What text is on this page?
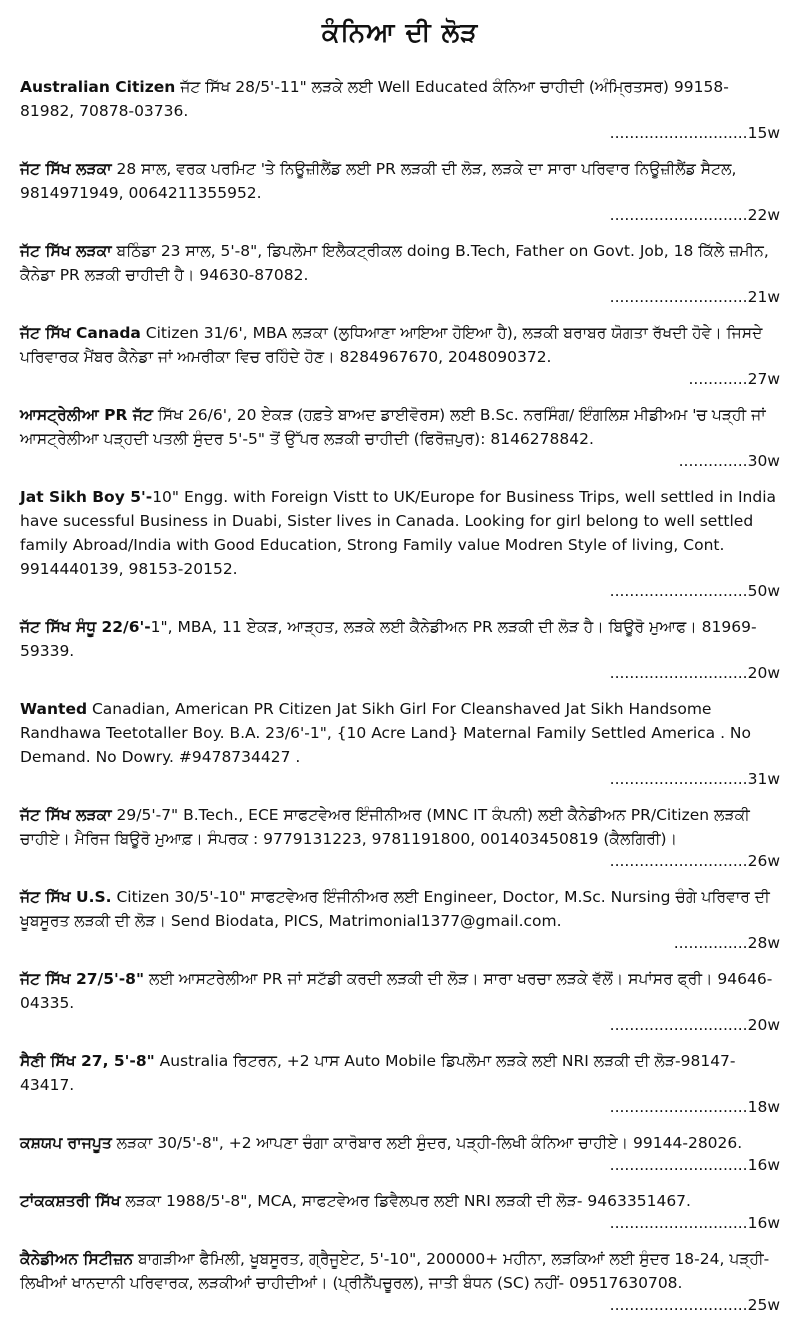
ਕੰਨਿਆ ਦੀ ਲੋੜ
Australian Citizen ਜੱਟ ਸਿੱਖ 28/5'-11" ਲੜਕੇ ਲਈ Well Educated ਕੰਨਿਆ ਚਾਹੀਦੀ (ਅੰਮ੍ਰਿਤਸਰ) 99158-81982, 70878-03736.
............................15w
ਜੱਟ ਸਿੱਖ ਲੜਕਾ 28 ਸਾਲ, ਵਰਕ ਪਰਮਿਟ 'ਤੇ ਨਿਊਜ਼ੀਲੈਂਡ ਲਈ PR ਲੜਕੀ ਦੀ ਲੋੜ, ਲੜਕੇ ਦਾ ਸਾਰਾ ਪਰਿਵਾਰ ਨਿਊਜ਼ੀਲੈਂਡ ਸੈਟਲ, 9814971949, 0064211355952.
............................22w
ਜੱਟ ਸਿੱਖ ਲੜਕਾ ਬਠਿੰਡਾ 23 ਸਾਲ, 5'-8", ਡਿਪਲੋਮਾ ਇਲੈਕਟ੍ਰੀਕਲ doing B.Tech, Father on Govt. Job, 18 ਕਿੱਲੇ ਜ਼ਮੀਨ, ਕੈਨੇਡਾ PR ਲੜਕੀ ਚਾਹੀਦੀ ਹੈ। 94630-87082.
............................21w
ਜੱਟ ਸਿੱਖ Canada Citizen 31/6', MBA ਲੜਕਾ (ਲੁਧਿਆਣਾ ਆਇਆ ਹੋਇਆ ਹੈ), ਲੜਕੀ ਬਰਾਬਰ ਯੋਗਤਾ ਰੱਖਦੀ ਹੋਵੇ। ਜਿਸਦੇ ਪਰਿਵਾਰਕ ਮੈਂਬਰ ਕੈਨੇਡਾ ਜਾਂ ਅਮਰੀਕਾ ਵਿਚ ਰਹਿੰਦੇ ਹੋਣ। 8284967670, 2048090372.
............27w
ਆਸਟ੍ਰੇਲੀਆ PR ਜੱਟ ਸਿੱਖ 26/6', 20 ਏਕੜ (ਹਫ਼ਤੇ ਬਾਅਦ ਡਾਈਵੋਰਸ) ਲਈ B.Sc. ਨਰਸਿੰਗ/ ਇੰਗਲਿਸ਼ ਮੀਡੀਅਮ 'ਚ ਪੜ੍ਹੀ ਜਾਂ ਆਸਟ੍ਰੇਲੀਆ ਪੜ੍ਹਦੀ ਪਤਲੀ ਸੁੰਦਰ 5'-5" ਤੋਂ ਉੱਪਰ ਲੜਕੀ ਚਾਹੀਦੀ (ਫਿਰੋਜ਼ਪੁਰ): 8146278842.
..............30w
Jat Sikh Boy 5'-10" Engg. with Foreign Vistt to UK/Europe for Business Trips, well settled in India have sucessful Business in Duabi, Sister lives in Canada. Looking for girl belong to well settled family Abroad/India with Good Education, Strong Family value Modren Style of living, Cont. 9914440139, 98153-20152.
............................50w
ਜੱਟ ਸਿੱਖ ਸੰਧੂ 22/6'-1", MBA, 11 ਏਕੜ, ਆੜ੍ਹਤ, ਲੜਕੇ ਲਈ ਕੈਨੇਡੀਅਨ PR ਲੜਕੀ ਦੀ ਲੋੜ ਹੈ। ਬਿਊਰੋ ਮੁਆਫ। 81969-59339.
............................20w
Wanted Canadian, American PR Citizen Jat Sikh Girl For Cleanshaved Jat Sikh Handsome Randhawa Teetotaller Boy. B.A. 23/6'-1", {10 Acre Land} Maternal Family Settled America . No Demand. No Dowry. #9478734427 .
............................31w
ਜੱਟ ਸਿੱਖ ਲੜਕਾ 29/5'-7" B.Tech., ECE ਸਾਫਟਵੇਅਰ ਇੰਜੀਨੀਅਰ (MNC IT ਕੰਪਨੀ) ਲਈ ਕੈਨੇਡੀਅਨ PR/Citizen ਲੜਕੀ ਚਾਹੀਏ। ਮੈਰਿਜ ਬਿਊਰੋ ਮੁਆਫ਼। ਸੰਪਰਕ : 9779131223, 9781191800, 001403450819 (ਕੈਲਗਿਰੀ)।
............................26w
ਜੱਟ ਸਿੱਖ U.S. Citizen 30/5'-10" ਸਾਫਟਵੇਅਰ ਇੰਜੀਨੀਅਰ ਲਈ Engineer, Doctor, M.Sc. Nursing ਚੰਗੇ ਪਰਿਵਾਰ ਦੀ ਖੂਬਸੂਰਤ ਲੜਕੀ ਦੀ ਲੋੜ। Send Biodata, PICS, Matrimonial1377@gmail.com.
...............28w
ਜੱਟ ਸਿੱਖ 27/5'-8" ਲਈ ਆਸਟਰੇਲੀਆ PR ਜਾਂ ਸਟੱਡੀ ਕਰਦੀ ਲੜਕੀ ਦੀ ਲੋੜ। ਸਾਰਾ ਖਰਚਾ ਲੜਕੇ ਵੱਲੋਂ। ਸਪਾਂਸਰ ਫ੍ਰੀ। 94646-04335.
............................20w
ਸੈਣੀ ਸਿੱਖ 27, 5'-8" Australia ਰਿਟਰਨ, +2 ਪਾਸ Auto Mobile ਡਿਪਲੋਮਾ ਲੜਕੇ ਲਈ NRI ਲੜਕੀ ਦੀ ਲੋੜ-98147-43417.
............................18w
ਕਸ਼ਯਪ ਰਾਜਪੂਤ ਲੜਕਾ 30/5'-8", +2 ਆਪਣਾ ਚੰਗਾ ਕਾਰੋਬਾਰ ਲਈ ਸੁੰਦਰ, ਪੜ੍ਹੀ-ਲਿਖੀ ਕੰਨਿਆ ਚਾਹੀਏ। 99144-28026.
............................16w
ਟਾਂਕਕਸ਼ਤਰੀ ਸਿੱਖ ਲੜਕਾ 1988/5'-8", MCA, ਸਾਫਟਵੇਅਰ ਡਿਵੈਲਪਰ ਲਈ NRI ਲੜਕੀ ਦੀ ਲੋੜ- 9463351467.
............................16w
ਕੈਨੇਡੀਅਨ ਸਿਟੀਜ਼ਨ ਬਾਗੜੀਆ ਫੈਮਿਲੀ, ਖੂਬਸੂਰਤ, ਗ੍ਰੈਜੂਏਟ, 5'-10", 200000+ ਮਹੀਨਾ, ਲੜਕਿਆਂ ਲਈ ਸੁੰਦਰ 18-24, ਪੜ੍ਹੀ-ਲਿਖੀਆਂ ਖਾਨਦਾਨੀ ਪਰਿਵਾਰਕ, ਲੜਕੀਆਂ ਚਾਹੀਦੀਆਂ। (ਪ੍ਰੀਨੈਂਪਚੂਰਲ), ਜਾਤੀ ਬੰਧਨ (SC) ਨਹੀਂ- 09517630708.
............................25w
